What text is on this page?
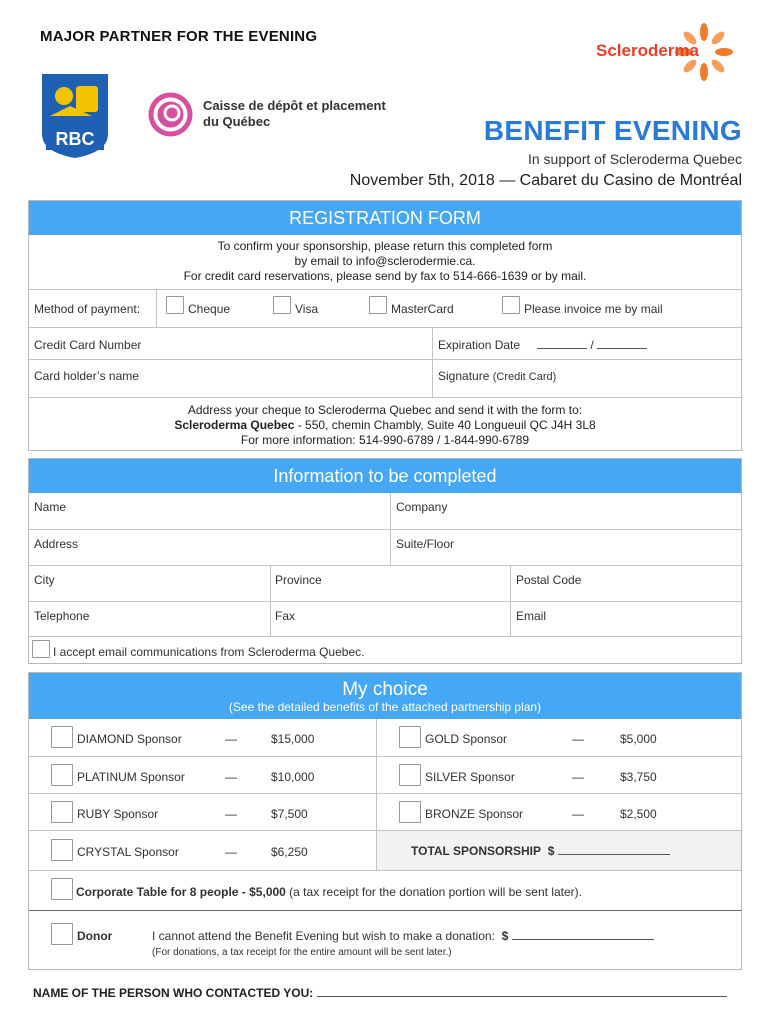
MAJOR PARTNER FOR THE EVENING
RBC
Caisse de dépôt et placement
du Québec
Scleroderma
BENEFIT EVENING
In support of Scleroderma Quebec
November 5th, 2018 — Cabaret du Casino de Montréal
REGISTRATION FORM
To confirm your sponsorship, please return this completed form
by email to info@sclerodermie.ca.
For credit card reservations, please send by fax to 514-666-1639 or by mail.
Method of payment:	Cheque	Visa	MasterCard	Please invoice me by mail
Credit Card Number	Expiration Date	/
Card holder’s name	Signature (Credit Card)
Address your cheque to Scleroderma Quebec and send it with the form to:
Scleroderma Quebec - 550, chemin Chambly, Suite 40 Longueuil QC J4H 3L8
For more information: 514-990-6789 / 1-844-990-6789
Information to be completed
Name	Company
Address	Suite/Floor
City	Province	Postal Code
Telephone	Fax	Email
I accept email communications from Scleroderma Quebec.
My choice
(See the detailed benefits of the attached partnership plan)
DIAMOND Sponsor	—	$15,000	GOLD Sponsor	—	$5,000
PLATINUM Sponsor	—	$10,000	SILVER Sponsor	—	$3,750
RUBY Sponsor	—	$7,500	BRONZE Sponsor	—	$2,500
CRYSTAL Sponsor	—	$6,250	TOTAL SPONSORSHIP $
Corporate Table for 8 people - $5,000 (a tax receipt for the donation portion will be sent later).
Donor	I cannot attend the Benefit Evening but wish to make a donation: $
(For donations, a tax receipt for the entire amount will be sent later.)
NAME OF THE PERSON WHO CONTACTED YOU:
